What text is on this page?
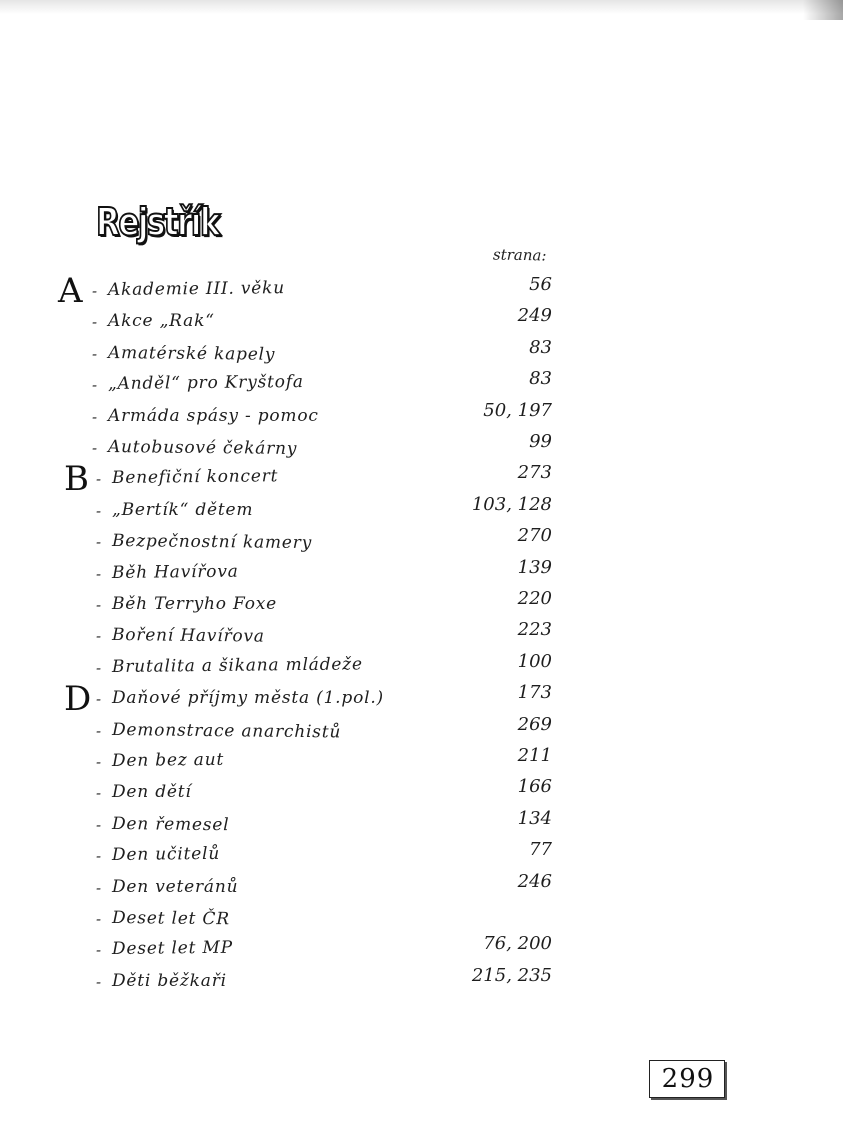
Rejstřík
strana:
A - Akademie III. věku	56
- Akce „Rak“	249
- Amatérské kapely	83
- „Anděl“ pro Kryštofa	83
- Armáda spásy - pomoc	50, 197
- Autobusové čekárny	99
B - Benefiční koncert	273
- „Bertík“ dětem	103, 128
- Bezpečnostní kamery	270
- Běh Havířova	139
- Běh Terryho Foxe	220
- Boření Havířova	223
- Brutalita a šikana mládeže	100
D - Daňové příjmy města (1.pol.)	173
- Demonstrace anarchistů	269
- Den bez aut	211
- Den dětí	166
- Den řemesel	134
- Den učitelů	77
- Den veteránů	246
- Deset let ČR
- Deset let MP	76, 200
- Děti běžkaři	215, 235
299
